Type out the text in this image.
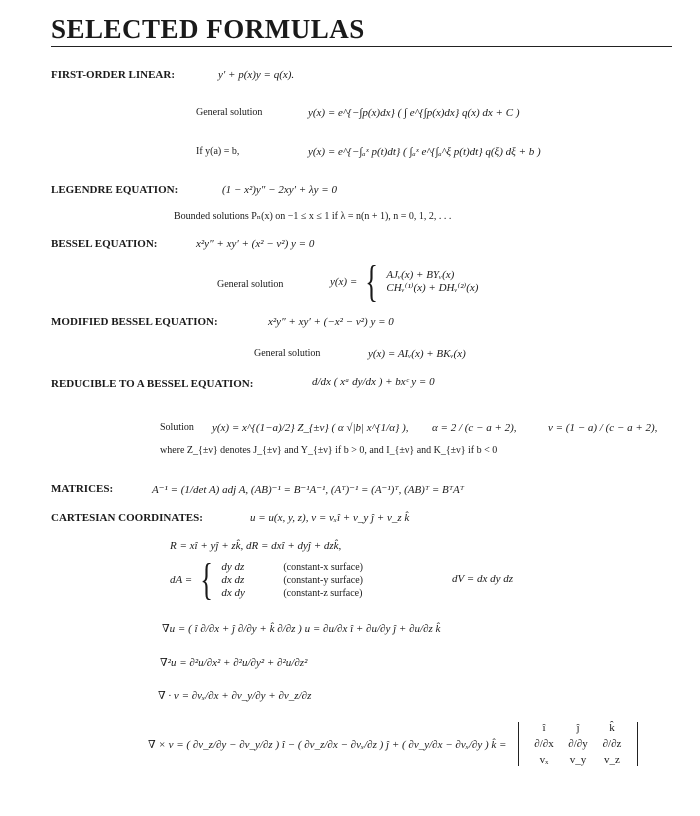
SELECTED FORMULAS
FIRST-ORDER LINEAR:	y′ + p(x)y = q(x).
General solution	y(x) = e^{−∫p(x)dx} ( ∫ e^{∫p(x)dx} q(x) dx + C )
If y(a) = b,	y(x) = e^{−∫ₐˣ p(t)dt} ( ∫ₐˣ e^{∫ₐ^ξ p(t)dt} q(ξ) dξ + b )
LEGENDRE EQUATION:	(1 − x²)y″ − 2xy′ + λy = 0
Bounded solutions Pₙ(x) on −1 ≤ x ≤ 1 if λ = n(n + 1), n = 0, 1, 2, . . .
BESSEL EQUATION:	x²y″ + xy′ + (x² − ν²) y = 0
General solution	y(x) = { AJᵥ(x) + BYᵥ(x)
CHᵥ⁽¹⁾(x) + DHᵥ⁽²⁾(x)
MODIFIED BESSEL EQUATION:	x²y″ + xy′ + (−x² − ν²) y = 0
General solution	y(x) = AIᵥ(x) + BKᵥ(x)
REDUCIBLE TO A BESSEL EQUATION:	d/dx ( xᵃ dy/dx ) + bxᶜ y = 0
Solution y(x) = x^{(1−a)/2} Z_{±ν} ( α √|b| x^{1/α} ), α = 2 / (c − a + 2),	ν = (1 − a) / (c − a + 2),
where Z_{±ν} denotes J_{±ν} and Y_{±ν} if b > 0, and I_{±ν} and K_{±ν} if b < 0
MATRICES:	A⁻¹ = (1/det A) adj A, (AB)⁻¹ = B⁻¹A⁻¹, (Aᵀ)⁻¹ = (A⁻¹)ᵀ, (AB)ᵀ = BᵀAᵀ
CARTESIAN COORDINATES:	u = u(x, y, z), v = vₓî + v_y ĵ + v_z k̂
R = xî + yĵ + zk̂, dR = dxî + dyĵ + dzk̂,
dA = { dy dz	(constant-x surface)
dx dz	(constant-y surface)
dx dy	(constant-z surface)
dV = dx dy dz
∇u = ( î ∂/∂x + ĵ ∂/∂y + k̂ ∂/∂z ) u = ∂u/∂x î + ∂u/∂y ĵ + ∂u/∂z k̂
∇²u = ∂²u/∂x² + ∂²u/∂y² + ∂²u/∂z²
∇ · v = ∂vₓ/∂x + ∂v_y/∂y + ∂v_z/∂z
∇ × v = ( ∂v_z/∂y − ∂v_y/∂z ) î − ( ∂v_z/∂x − ∂vₓ/∂z ) ĵ + ( ∂v_y/∂x − ∂vₓ/∂y ) k̂ =
î	ĵ	k̂
∂/∂x	∂/∂y	∂/∂z
vₓ	v_y	v_z
